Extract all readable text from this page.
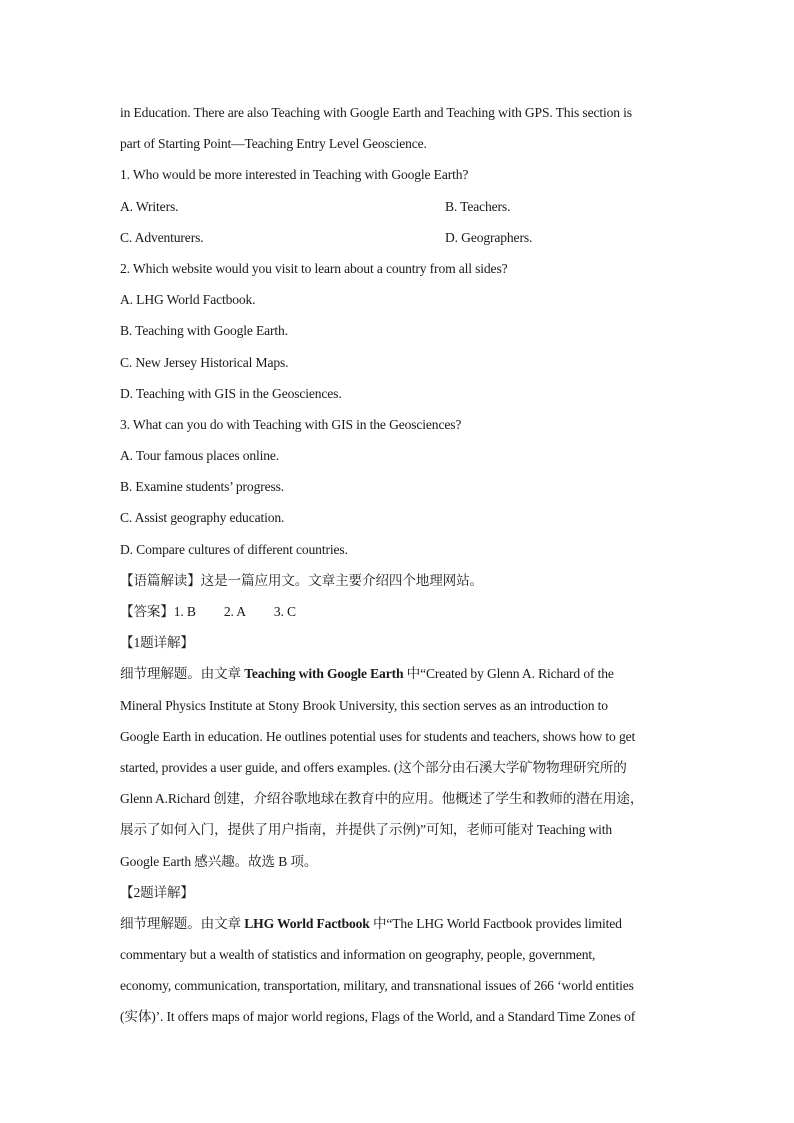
in Education. There are also Teaching with Google Earth and Teaching with GPS. This section is
part of Starting Point—Teaching Entry Level Geoscience.
1. Who would be more interested in Teaching with Google Earth?
A. Writers.	B. Teachers.
C. Adventurers.	D. Geographers.
2. Which website would you visit to learn about a country from all sides?
A. LHG World Factbook.
B. Teaching with Google Earth.
C. New Jersey Historical Maps.
D. Teaching with GIS in the Geosciences.
3. What can you do with Teaching with GIS in the Geosciences?
A. Tour famous places online.
B. Examine students’ progress.
C. Assist geography education.
D. Compare cultures of different countries.
【语篇解读】这是一篇应用文。文章主要介绍四个地理网站。
【答案】1. B 2. A 3. C
【1题详解】
细节理解题。由文章 Teaching with Google Earth 中“Created by Glenn A. Richard of the
Mineral Physics Institute at Stony Brook University, this section serves as an introduction to
Google Earth in education. He outlines potential uses for students and teachers, shows how to get
started, provides a user guide, and offers examples. (这个部分由石溪大学矿物物理研究所的
Glenn A.Richard 创建，介绍谷歌地球在教育中的应用。他概述了学生和教师的潜在用途，
展示了如何入门，提供了用户指南，并提供了示例)”可知，老师可能对 Teaching with
Google Earth 感兴趣。故选 B 项。
【2题详解】
细节理解题。由文章 LHG World Factbook 中“The LHG World Factbook provides limited
commentary but a wealth of statistics and information on geography, people, government,
economy, communication, transportation, military, and transnational issues of 266 ‘world entities
(实体)’. It offers maps of major world regions, Flags of the World, and a Standard Time Zones of
